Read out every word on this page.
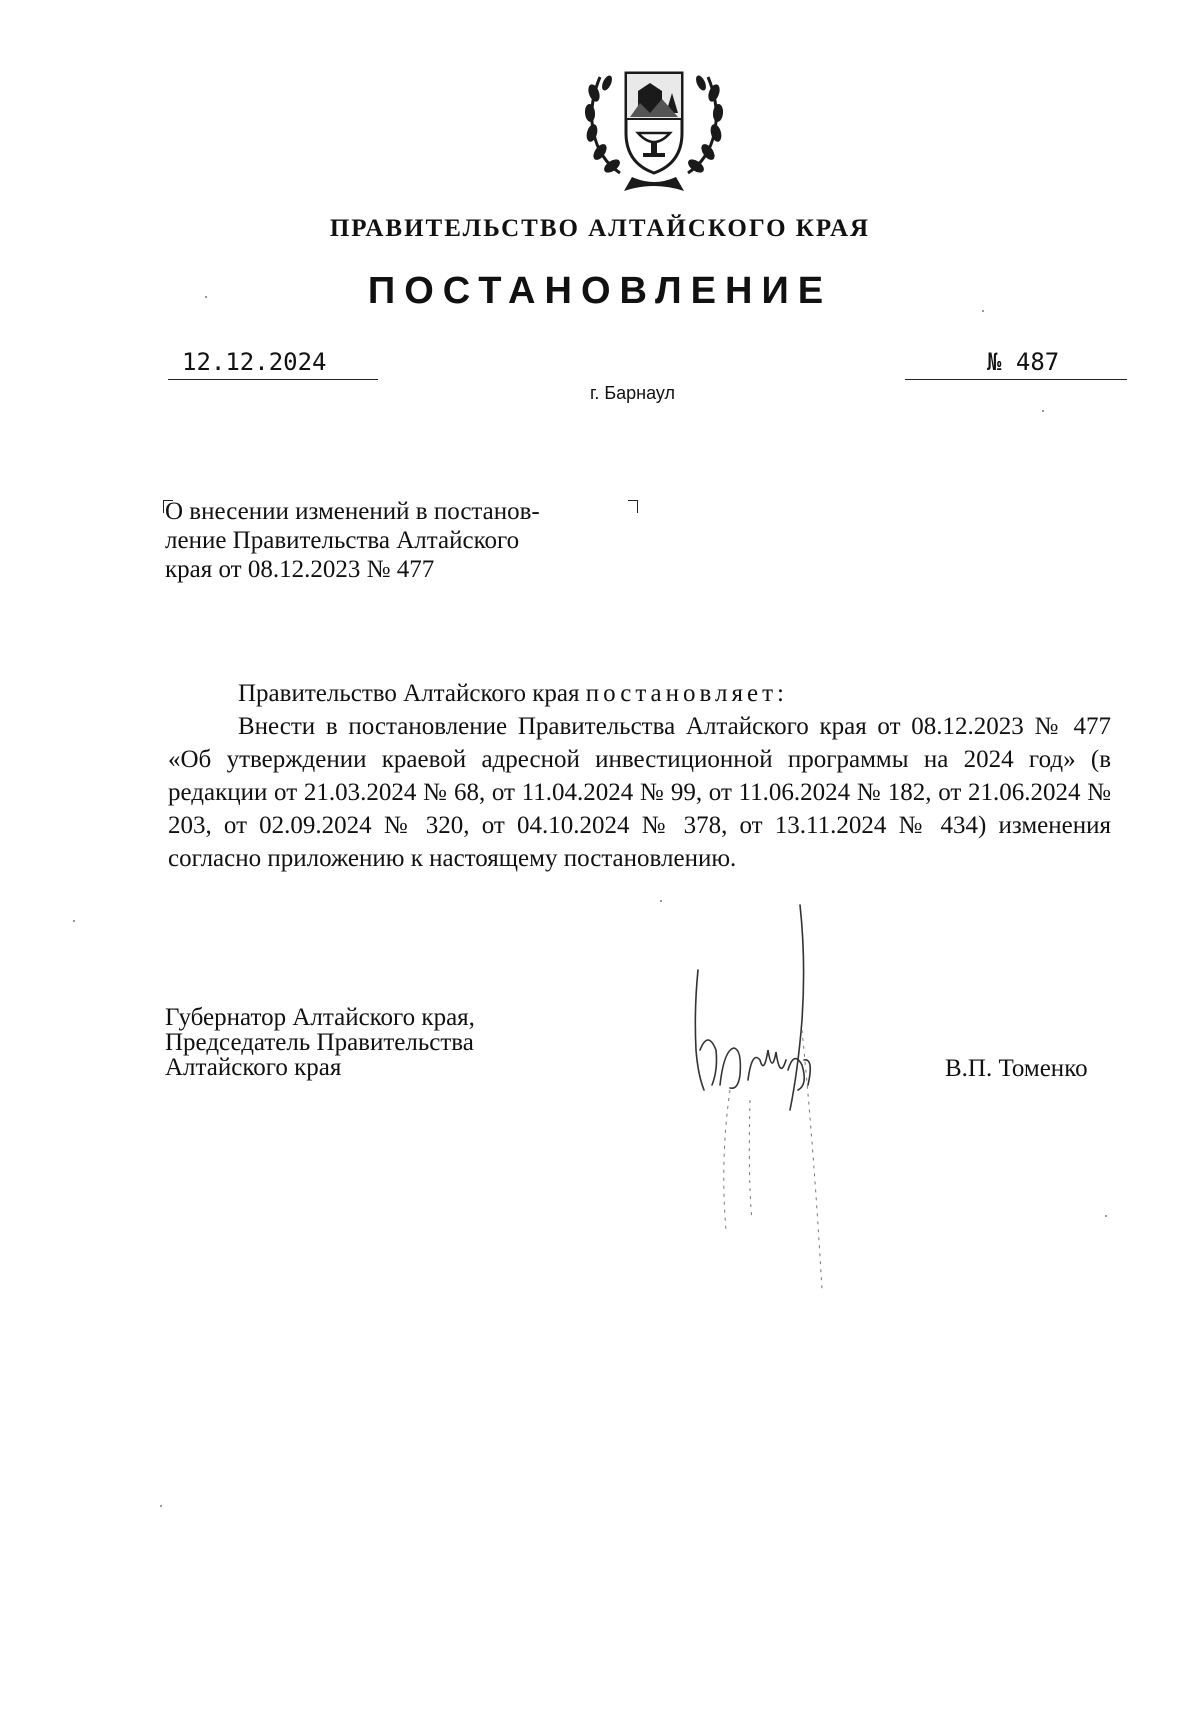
ПРАВИТЕЛЬСТВО АЛТАЙСКОГО КРАЯ
ПОСТАНОВЛЕНИЕ
12.12.2024	№ 487
г. Барнаул
О внесении изменений в постанов-
ление Правительства Алтайского
края от 08.12.2023 № 477

Правительство Алтайского края постановляет:

Внести в постановление Правительства Алтайского края от 08.12.2023 № 477 «Об утверждении краевой адресной инвестиционной программы на 2024 год» (в редакции от 21.03.2024 № 68, от 11.04.2024 № 99, от 11.06.2024 № 182, от 21.06.2024 № 203, от 02.09.2024 № 320, от 04.10.2024 № 378, от 13.11.2024 № 434) изменения согласно приложению к настоящему постановлению.

Губернатор Алтайского края,
Председатель Правительства
Алтайского края	В.П. Томенко
